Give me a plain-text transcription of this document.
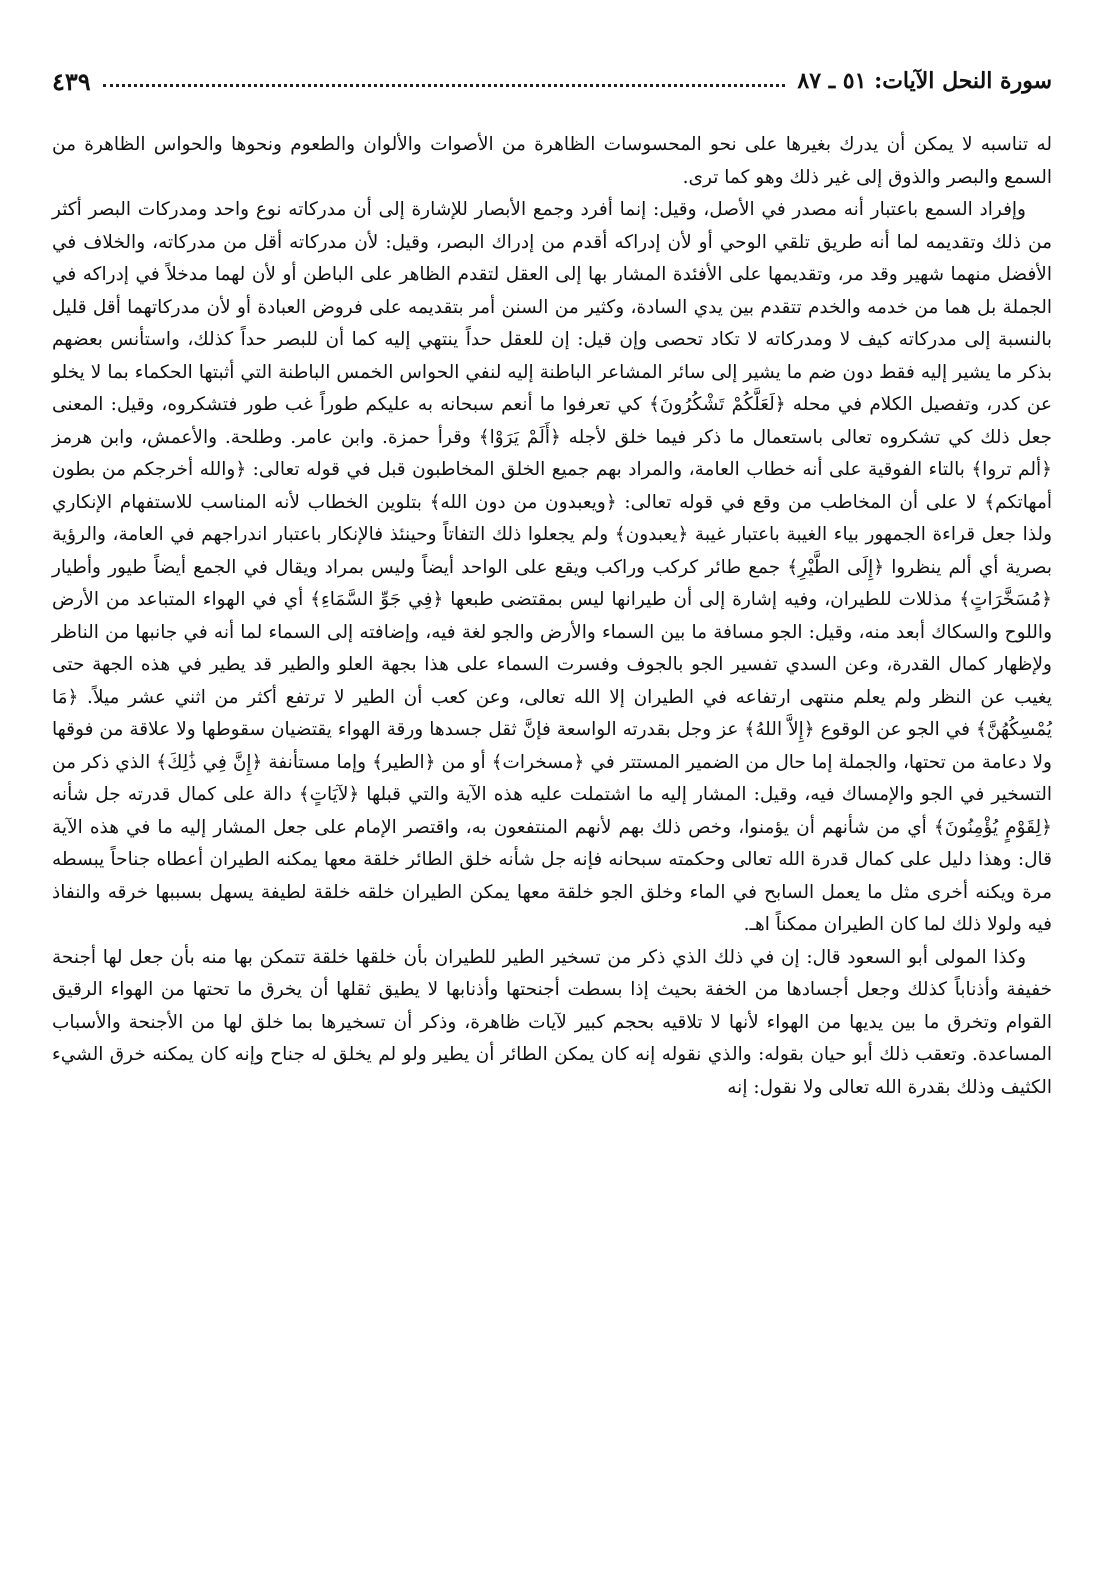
سورة النحل الآيات: ٥١ ـ ٨٧
٤٣٩

له تناسبه لا يمكن أن يدرك بغيرها على نحو المحسوسات الظاهرة من الأصوات والألوان والطعوم ونحوها والحواس الظاهرة من السمع والبصر والذوق إلى غير ذلك وهو كما ترى.

وإفراد السمع باعتبار أنه مصدر في الأصل، وقيل: إنما أفرد وجمع الأبصار للإشارة إلى أن مدركاته نوع واحد ومدركات البصر أكثر من ذلك وتقديمه لما أنه طريق تلقي الوحي أو لأن إدراكه أقدم من إدراك البصر، وقيل: لأن مدركاته أقل من مدركاته، والخلاف في الأفضل منهما شهير وقد مر، وتقديمها على الأفئدة المشار بها إلى العقل لتقدم الظاهر على الباطن أو لأن لهما مدخلاً في إدراكه في الجملة بل هما من خدمه والخدم تتقدم بين يدي السادة، وكثير من السنن أمر بتقديمه على فروض العبادة أو لأن مدركاتهما أقل قليل بالنسبة إلى مدركاته كيف لا ومدركاته لا تكاد تحصى وإن قيل: إن للعقل حداً ينتهي إليه كما أن للبصر حداً كذلك، واستأنس بعضهم بذكر ما يشير إليه فقط دون ضم ما يشير إلى سائر المشاعر الباطنة إليه لنفي الحواس الخمس الباطنة التي أثبتها الحكماء بما لا يخلو عن كدر، وتفصيل الكلام في محله ﴿لَعَلَّكُمْ تَشْكُرُونَ﴾ كي تعرفوا ما أنعم سبحانه به عليكم طوراً غب طور فتشكروه، وقيل: المعنى جعل ذلك كي تشكروه تعالى باستعمال ما ذكر فيما خلق لأجله ﴿أَلَمْ يَرَوْا﴾ وقرأ حمزة. وابن عامر. وطلحة. والأعمش، وابن هرمز ﴿ألم تروا﴾ بالتاء الفوقية على أنه خطاب العامة، والمراد بهم جميع الخلق المخاطبون قبل في قوله تعالى: ﴿والله أخرجكم من بطون أمهاتكم﴾ لا على أن المخاطب من وقع في قوله تعالى: ﴿ويعبدون من دون الله﴾ بتلوين الخطاب لأنه المناسب للاستفهام الإنكاري ولذا جعل قراءة الجمهور بياء الغيبة باعتبار غيبة ﴿يعبدون﴾ ولم يجعلوا ذلك التفاتاً وحينئذ فالإنكار باعتبار اندراجهم في العامة، والرؤية بصرية أي ألم ينظروا ﴿إِلَى الطَّيْرِ﴾ جمع طائر كركب وراكب ويقع على الواحد أيضاً وليس بمراد ويقال في الجمع أيضاً طيور وأطيار ﴿مُسَخَّرَاتٍ﴾ مذللات للطيران، وفيه إشارة إلى أن طيرانها ليس بمقتضى طبعها ﴿فِي جَوِّ السَّمَاءِ﴾ أي في الهواء المتباعد من الأرض واللوح والسكاك أبعد منه، وقيل: الجو مسافة ما بين السماء والأرض والجو لغة فيه، وإضافته إلى السماء لما أنه في جانبها من الناظر ولإظهار كمال القدرة، وعن السدي تفسير الجو بالجوف وفسرت السماء على هذا بجهة العلو والطير قد يطير في هذه الجهة حتى يغيب عن النظر ولم يعلم منتهى ارتفاعه في الطيران إلا الله تعالى، وعن كعب أن الطير لا ترتفع أكثر من اثني عشر ميلاً. ﴿مَا يُمْسِكُهُنَّ﴾ في الجو عن الوقوع ﴿إِلاَّ اللهُ﴾ عز وجل بقدرته الواسعة فإنَّ ثقل جسدها ورقة الهواء يقتضيان سقوطها ولا علاقة من فوقها ولا دعامة من تحتها، والجملة إما حال من الضمير المستتر في ﴿مسخرات﴾ أو من ﴿الطير﴾ وإما مستأنفة ﴿إِنَّ فِي ذَٰلِكَ﴾ الذي ذكر من التسخير في الجو والإمساك فيه، وقيل: المشار إليه ما اشتملت عليه هذه الآية والتي قبلها ﴿لآيَاتٍ﴾ دالة على كمال قدرته جل شأنه ﴿لِقَوْمٍ يُؤْمِنُونَ﴾ أي من شأنهم أن يؤمنوا، وخص ذلك بهم لأنهم المنتفعون به، واقتصر الإمام على جعل المشار إليه ما في هذه الآية قال: وهذا دليل على كمال قدرة الله تعالى وحكمته سبحانه فإنه جل شأنه خلق الطائر خلقة معها يمكنه الطيران أعطاه جناحاً يبسطه مرة ويكنه أخرى مثل ما يعمل السابح في الماء وخلق الجو خلقة معها يمكن الطيران خلقه خلقة لطيفة يسهل بسببها خرقه والنفاذ فيه ولولا ذلك لما كان الطيران ممكناً اهـ.

وكذا المولى أبو السعود قال: إن في ذلك الذي ذكر من تسخير الطير للطيران بأن خلقها خلقة تتمكن بها منه بأن جعل لها أجنحة خفيفة وأذناباً كذلك وجعل أجسادها من الخفة بحيث إذا بسطت أجنحتها وأذنابها لا يطيق ثقلها أن يخرق ما تحتها من الهواء الرقيق القوام وتخرق ما بين يديها من الهواء لأنها لا تلاقيه بحجم كبير لآيات ظاهرة، وذكر أن تسخيرها بما خلق لها من الأجنحة والأسباب المساعدة. وتعقب ذلك أبو حيان بقوله: والذي نقوله إنه كان يمكن الطائر أن يطير ولو لم يخلق له جناح وإنه كان يمكنه خرق الشيء الكثيف وذلك بقدرة الله تعالى ولا نقول: إنه
